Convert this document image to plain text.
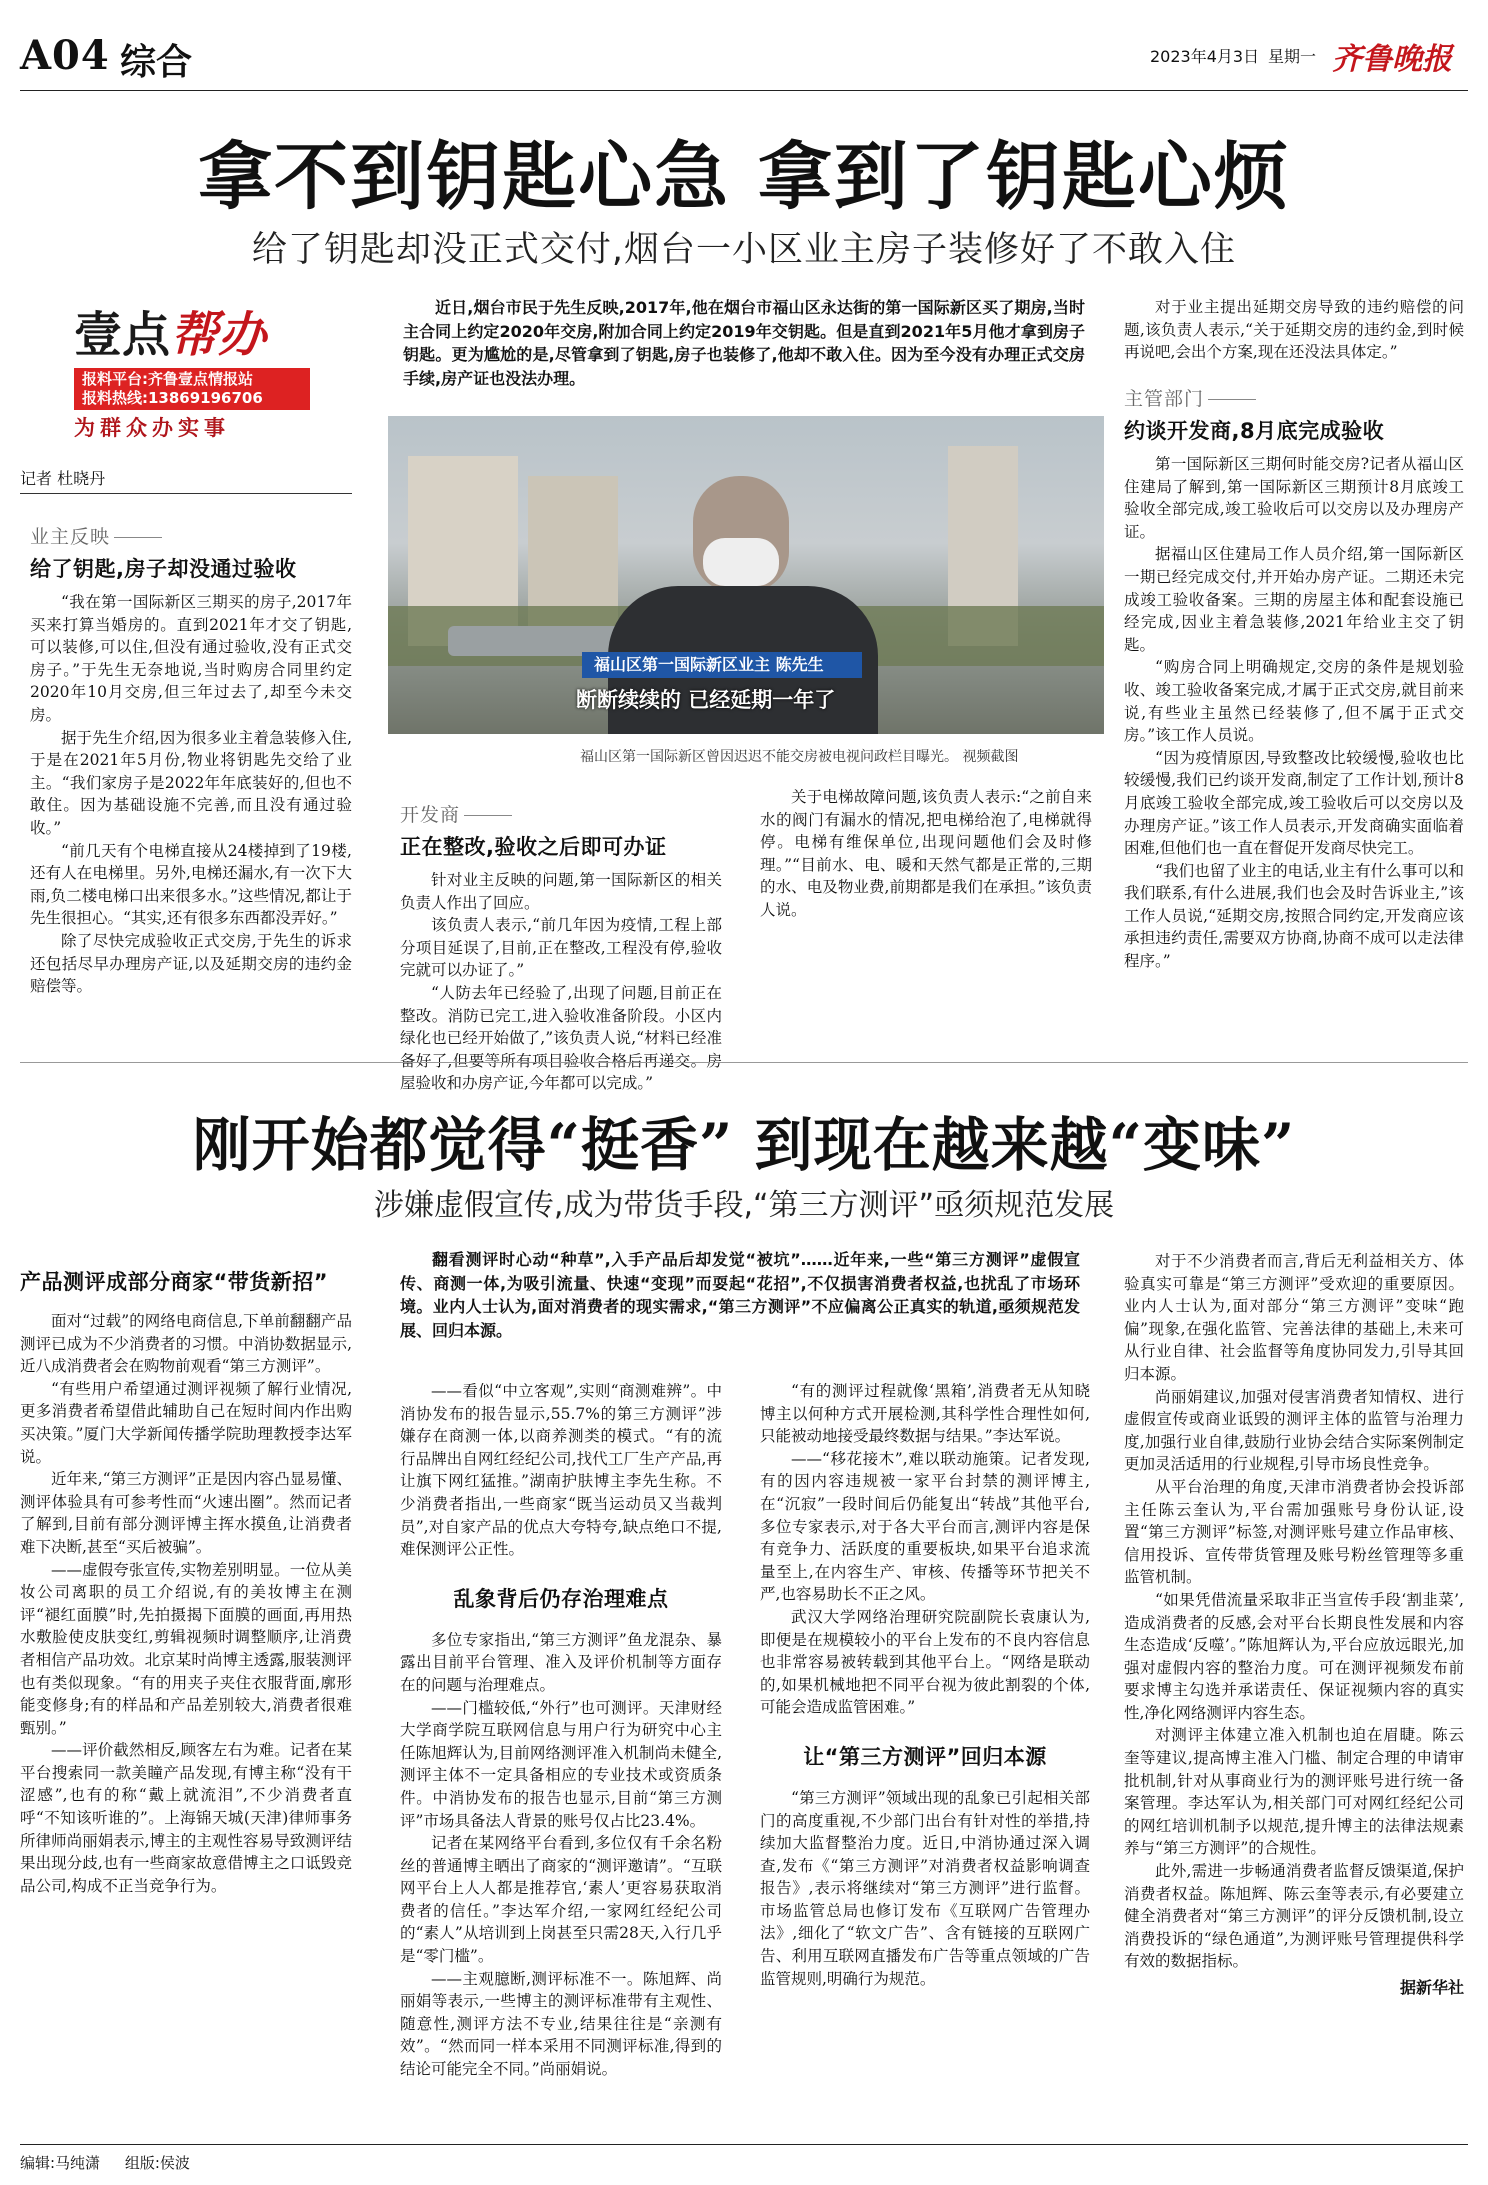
A04 综合	2023年4月3日 星期一 齐鲁晚报
拿不到钥匙心急 拿到了钥匙心烦
给了钥匙却没正式交付,烟台一小区业主房子装修好了不敢入住
壹点帮办
报料平台:齐鲁壹点情报站
报料热线:13869196706
为群众办实事
记者 杜晓丹

近日,烟台市民于先生反映,2017年,他在烟台市福山区永达街的第一国际新区买了期房,当时主合同上约定2020年交房,附加合同上约定2019年交钥匙。但是直到2021年5月他才拿到房子钥匙。更为尴尬的是,尽管拿到了钥匙,房子也装修了,他却不敢入住。因为至今没有办理正式交房手续,房产证也没法办理。

福山区第一国际新区业主 陈先生
断断续续的 已经延期一年了

福山区第一国际新区曾因迟迟不能交房被电视问政栏目曝光。 视频截图

业主反映
给了钥匙,房子却没通过验收

“我在第一国际新区三期买的房子,2017年买来打算当婚房的。直到2021年才交了钥匙,可以装修,可以住,但没有通过验收,没有正式交房子。”于先生无奈地说,当时购房合同里约定2020年10月交房,但三年过去了,却至今未交房。

据于先生介绍,因为很多业主着急装修入住,于是在2021年5月份,物业将钥匙先交给了业主。“我们家房子是2022年年底装好的,但也不敢住。因为基础设施不完善,而且没有通过验收。”

“前几天有个电梯直接从24楼掉到了19楼,还有人在电梯里。另外,电梯还漏水,有一次下大雨,负二楼电梯口出来很多水。”这些情况,都让于先生很担心。“其实,还有很多东西都没弄好。”

除了尽快完成验收正式交房,于先生的诉求还包括尽早办理房产证,以及延期交房的违约金赔偿等。

开发商
正在整改,验收之后即可办证

针对业主反映的问题,第一国际新区的相关负责人作出了回应。

该负责人表示,“前几年因为疫情,工程上部分项目延误了,目前,正在整改,工程没有停,验收完就可以办证了。”

“人防去年已经验了,出现了问题,目前正在整改。消防已完工,进入验收准备阶段。小区内绿化也已经开始做了,”该负责人说,“材料已经准备好了,但要等所有项目验收合格后再递交。房屋验收和办房产证,今年都可以完成。”

关于电梯故障问题,该负责人表示:“之前自来水的阀门有漏水的情况,把电梯给泡了,电梯就得停。电梯有维保单位,出现问题他们会及时修理。”“目前水、电、暖和天然气都是正常的,三期的水、电及物业费,前期都是我们在承担。”该负责人说。

对于业主提出延期交房导致的违约赔偿的问题,该负责人表示,“关于延期交房的违约金,到时候再说吧,会出个方案,现在还没法具体定。”

主管部门
约谈开发商,8月底完成验收

第一国际新区三期何时能交房?记者从福山区住建局了解到,第一国际新区三期预计8月底竣工验收全部完成,竣工验收后可以交房以及办理房产证。

据福山区住建局工作人员介绍,第一国际新区一期已经完成交付,并开始办房产证。二期还未完成竣工验收备案。三期的房屋主体和配套设施已经完成,因业主着急装修,2021年给业主交了钥匙。

“购房合同上明确规定,交房的条件是规划验收、竣工验收备案完成,才属于正式交房,就目前来说,有些业主虽然已经装修了,但不属于正式交房。”该工作人员说。

“因为疫情原因,导致整改比较缓慢,验收也比较缓慢,我们已约谈开发商,制定了工作计划,预计8月底竣工验收全部完成,竣工验收后可以交房以及办理房产证。”该工作人员表示,开发商确实面临着困难,但他们也一直在督促开发商尽快完工。

“我们也留了业主的电话,业主有什么事可以和我们联系,有什么进展,我们也会及时告诉业主,”该工作人员说,“延期交房,按照合同约定,开发商应该承担违约责任,需要双方协商,协商不成可以走法律程序。”

刚开始都觉得“挺香” 到现在越来越“变味”
涉嫌虚假宣传,成为带货手段,“第三方测评”亟须规范发展

翻看测评时心动“种草”,入手产品后却发觉“被坑”……近年来,一些“第三方测评”虚假宣传、商测一体,为吸引流量、快速“变现”而耍起“花招”,不仅损害消费者权益,也扰乱了市场环境。业内人士认为,面对消费者的现实需求,“第三方测评”不应偏离公正真实的轨道,亟须规范发展、回归本源。

产品测评成部分商家“带货新招”

面对“过载”的网络电商信息,下单前翻翻产品测评已成为不少消费者的习惯。中消协数据显示,近八成消费者会在购物前观看“第三方测评”。

“有些用户希望通过测评视频了解行业情况,更多消费者希望借此辅助自己在短时间内作出购买决策。”厦门大学新闻传播学院助理教授李达军说。

近年来,“第三方测评”正是因内容凸显易懂、测评体验具有可参考性而“火速出圈”。然而记者了解到,目前有部分测评博主挥水摸鱼,让消费者难下决断,甚至“买后被骗”。

——虚假夸张宣传,实物差别明显。一位从美妆公司离职的员工介绍说,有的美妆博主在测评“褪红面膜”时,先拍摄揭下面膜的画面,再用热水敷脸使皮肤变红,剪辑视频时调整顺序,让消费者相信产品功效。北京某时尚博主透露,服装测评也有类似现象。“有的用夹子夹住衣服背面,廓形能变修身;有的样品和产品差别较大,消费者很难甄别。”

——评价截然相反,顾客左右为难。记者在某平台搜索同一款美瞳产品发现,有博主称“没有干涩感”,也有的称“戴上就流泪”,不少消费者直呼“不知该听谁的”。上海锦天城(天津)律师事务所律师尚丽娟表示,博主的主观性容易导致测评结果出现分歧,也有一些商家故意借博主之口诋毁竞品公司,构成不正当竞争行为。

——看似“中立客观”,实则“商测难辨”。中消协发布的报告显示,55.7%的第三方测评”涉嫌存在商测一体,以商养测类的模式。“有的流行品牌出自网红经纪公司,找代工厂生产产品,再让旗下网红猛推。”湖南护肤博主李先生称。不少消费者指出,一些商家“既当运动员又当裁判员”,对自家产品的优点大夸特夸,缺点绝口不提,难保测评公正性。

乱象背后仍存治理难点

多位专家指出,“第三方测评”鱼龙混杂、暴露出目前平台管理、准入及评价机制等方面存在的问题与治理难点。

——门槛较低,“外行”也可测评。天津财经大学商学院互联网信息与用户行为研究中心主任陈旭辉认为,目前网络测评准入机制尚未健全,测评主体不一定具备相应的专业技术或资质条件。中消协发布的报告也显示,目前“第三方测评”市场具备法人背景的账号仅占比23.4%。

记者在某网络平台看到,多位仅有千余名粉丝的普通博主晒出了商家的“测评邀请”。“互联网平台上人人都是推荐官,‘素人’更容易获取消费者的信任。”李达军介绍,一家网红经纪公司的“素人”从培训到上岗甚至只需28天,入行几乎是“零门槛”。

——主观臆断,测评标准不一。陈旭辉、尚丽娟等表示,一些博主的测评标准带有主观性、随意性,测评方法不专业,结果往往是“亲测有效”。“然而同一样本采用不同测评标准,得到的结论可能完全不同。”尚丽娟说。

“有的测评过程就像‘黑箱’,消费者无从知晓博主以何种方式开展检测,其科学性合理性如何,只能被动地接受最终数据与结果。”李达军说。

——“移花接木”,难以联动施策。记者发现,有的因内容违规被一家平台封禁的测评博主,在“沉寂”一段时间后仍能复出“转战”其他平台,多位专家表示,对于各大平台而言,测评内容是保有竞争力、活跃度的重要板块,如果平台追求流量至上,在内容生产、审核、传播等环节把关不严,也容易助长不正之风。

武汉大学网络治理研究院副院长袁康认为,即便是在规模较小的平台上发布的不良内容信息也非常容易被转载到其他平台上。“网络是联动的,如果机械地把不同平台视为彼此割裂的个体,可能会造成监管困难。”

让“第三方测评”回归本源

“第三方测评”领域出现的乱象已引起相关部门的高度重视,不少部门出台有针对性的举措,持续加大监督整治力度。近日,中消协通过深入调查,发布《“第三方测评”对消费者权益影响调查报告》,表示将继续对“第三方测评”进行监督。市场监管总局也修订发布《互联网广告管理办法》,细化了“软文广告”、含有链接的互联网广告、利用互联网直播发布广告等重点领域的广告监管规则,明确行为规范。

对于不少消费者而言,背后无利益相关方、体验真实可靠是“第三方测评”受欢迎的重要原因。业内人士认为,面对部分“第三方测评”变味“跑偏”现象,在强化监管、完善法律的基础上,未来可从行业自律、社会监督等角度协同发力,引导其回归本源。

尚丽娟建议,加强对侵害消费者知情权、进行虚假宣传或商业诋毁的测评主体的监管与治理力度,加强行业自律,鼓励行业协会结合实际案例制定更加灵活适用的行业规程,引导市场良性竞争。

从平台治理的角度,天津市消费者协会投诉部主任陈云奎认为,平台需加强账号身份认证,设置“第三方测评”标签,对测评账号建立作品审核、信用投诉、宣传带货管理及账号粉丝管理等多重监管机制。

“如果凭借流量采取非正当宣传手段‘割韭菜’,造成消费者的反感,会对平台长期良性发展和内容生态造成‘反噬’。”陈旭辉认为,平台应放远眼光,加强对虚假内容的整治力度。可在测评视频发布前要求博主勾选并承诺责任、保证视频内容的真实性,净化网络测评内容生态。

对测评主体建立准入机制也迫在眉睫。陈云奎等建议,提高博主准入门槛、制定合理的申请审批机制,针对从事商业行为的测评账号进行统一备案管理。李达军认为,相关部门可对网红经纪公司的网红培训机制予以规范,提升博主的法律法规素养与“第三方测评”的合规性。

此外,需进一步畅通消费者监督反馈渠道,保护消费者权益。陈旭辉、陈云奎等表示,有必要建立健全消费者对“第三方测评”的评分反馈机制,设立消费投诉的“绿色通道”,为测评账号管理提供科学有效的数据指标。

据新华社
编辑:马纯潇 组版:侯波
